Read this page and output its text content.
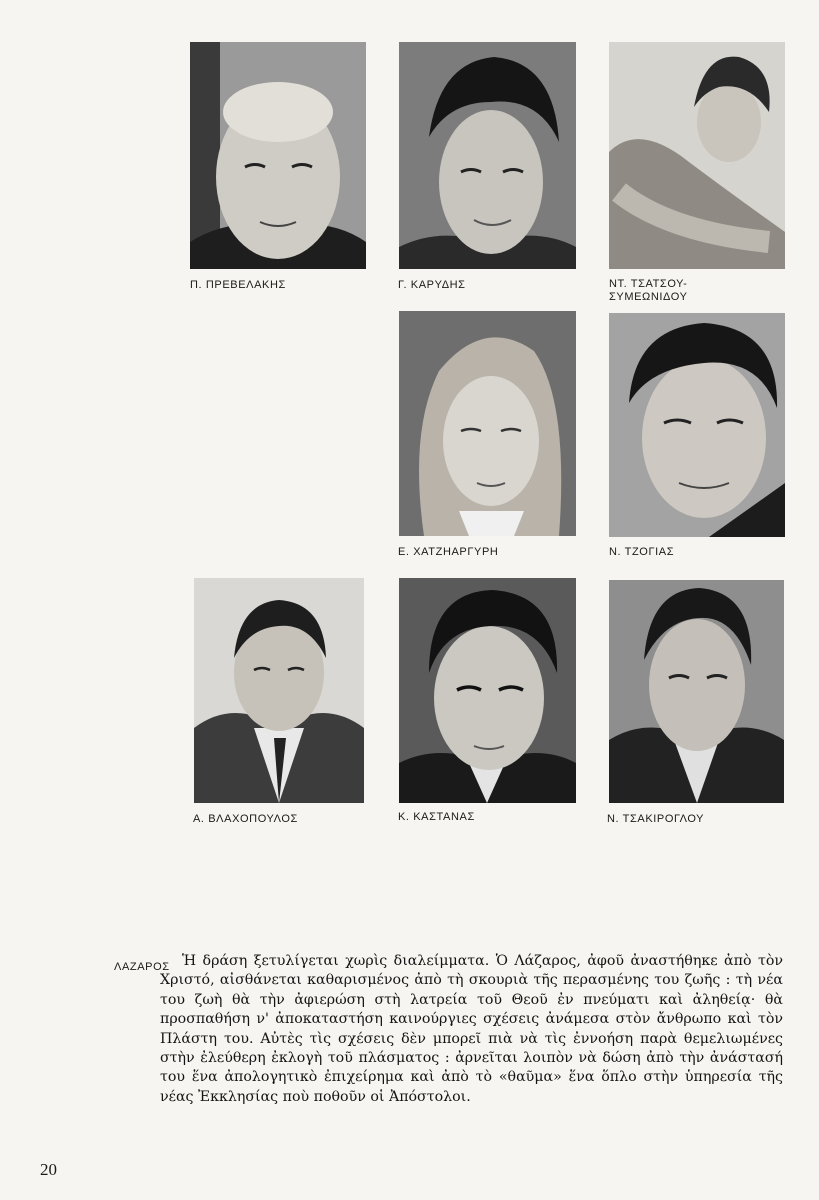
Π. ΠΡΕΒΕΛΑΚΗΣ	Γ. ΚΑΡΥΔΗΣ	ΝΤ. ΤΣΑΤΣΟΥ-
ΣΥΜΕΩΝΙΔΟΥ
Ε. ΧΑΤΖΗΑΡΓΥΡΗ	Ν. ΤΖΟΓΙΑΣ
Α. ΒΛΑΧΟΠΟΥΛΟΣ	Κ. ΚΑΣΤΑΝΑΣ	Ν. ΤΣΑΚΙΡΟΓΛΟΥ
ΛΑΖΑΡΟΣ Ἡ δράση ξετυλίγεται χωρὶς διαλείμματα. Ὁ Λάζαρος, ἀφοῦ ἀναστήθηκε ἀπὸ τὸν Χριστό, αἰσθάνεται καθαρισμένος ἀπὸ τὴ σκουριὰ τῆς περασμένης του ζωῆς : τὴ νέα του ζωὴ θὰ τὴν ἀφιερώση στὴ λατρεία τοῦ Θεοῦ ἐν πνεύματι καὶ ἀληθείᾳ· θὰ προσπαθήση ν' ἀποκαταστήση καινούργιες σχέσεις ἀνάμεσα στὸν ἄνθρωπο καὶ τὸν Πλάστη του. Αὐτὲς τὶς σχέσεις δὲν μπορεῖ πιὰ νὰ τὶς ἐννοήση παρὰ θεμελιωμένες στὴν ἐλεύθερη ἐκλογὴ τοῦ πλάσματος : ἀρνεῖται λοιπὸν νὰ δώση ἀπὸ τὴν ἀνάστασή του ἕνα ἀπολογητικὸ ἐπιχείρημα καὶ ἀπὸ τὸ «θαῦμα» ἕνα ὅπλο στὴν ὑπηρεσία τῆς νέας Ἐκκλησίας ποὺ ποθοῦν οἱ Ἀπόστολοι.

20
